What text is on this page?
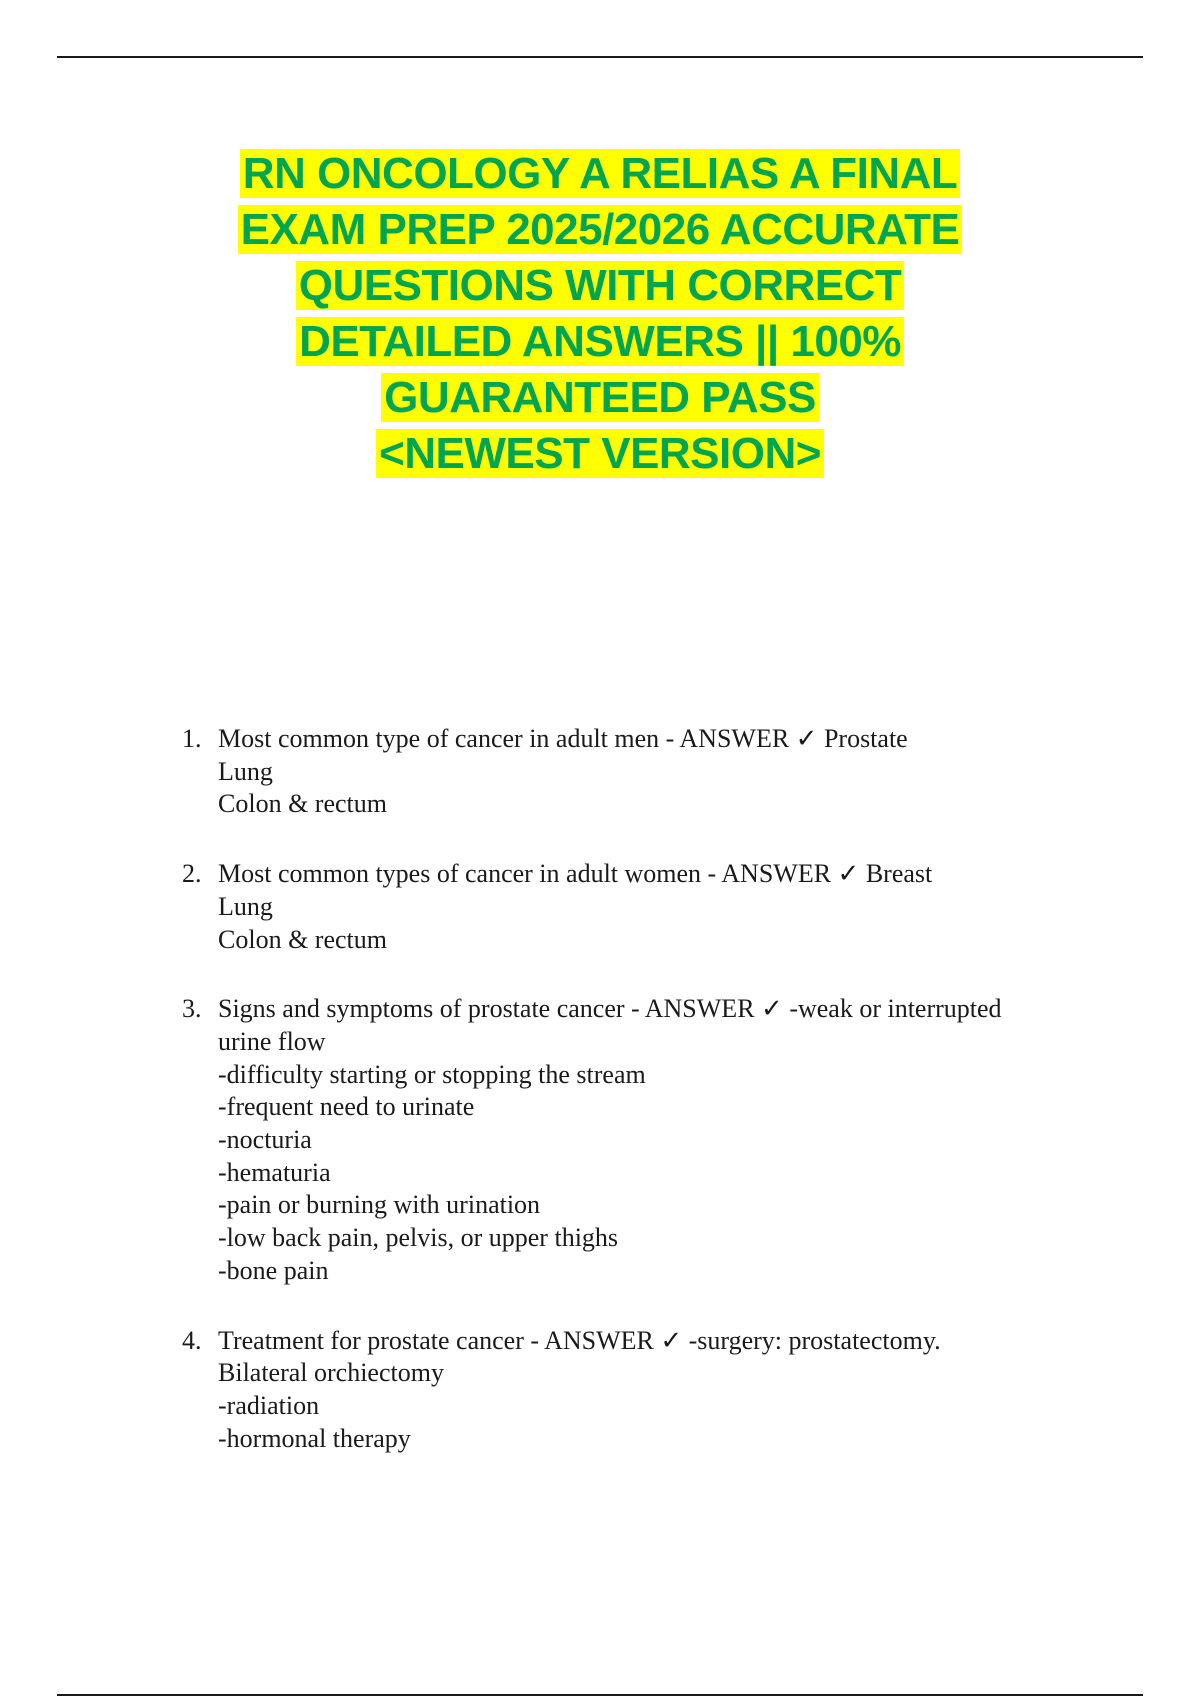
RN ONCOLOGY A RELIAS A FINAL
EXAM PREP 2025/2026 ACCURATE
QUESTIONS WITH CORRECT
DETAILED ANSWERS || 100%
GUARANTEED PASS
<NEWEST VERSION>
1. Most common type of cancer in adult men - ANSWER ✓ Prostate
Lung
Colon & rectum
2. Most common types of cancer in adult women - ANSWER ✓ Breast
Lung
Colon & rectum
3. Signs and symptoms of prostate cancer - ANSWER ✓ -weak or interrupted
urine flow
-difficulty starting or stopping the stream
-frequent need to urinate
-nocturia
-hematuria
-pain or burning with urination
-low back pain, pelvis, or upper thighs
-bone pain
4. Treatment for prostate cancer - ANSWER ✓ -surgery: prostatectomy.
Bilateral orchiectomy
-radiation
-hormonal therapy
